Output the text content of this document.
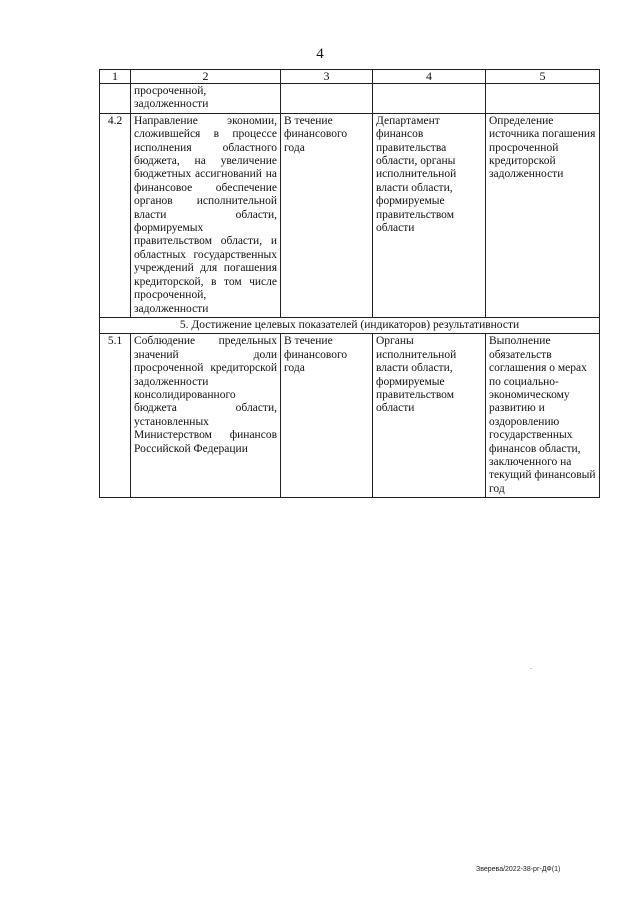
4
1	2	3	4	5
	просроченной, задолженности			
4.2	Направление экономии, сложившейся в процессе исполнения областного бюджета, на увеличение бюджетных ассигнований на финансовое обеспечение органов исполнительной власти области, формируемых правительством области, и областных государственных учреждений для погашения кредиторской, в том числе просроченной, задолженности	В течение финансового года	Департамент финансов правительства области, органы исполнительной власти области, формируемые правительством области	Определение источника погашения просроченной кредиторской задолженности
5. Достижение целевых показателей (индикаторов) результативности				
5.1	Соблюдение предельных значений доли просроченной кредиторской задолженности консолидированного бюджета области, установленных Министерством финансов Российской Федерации	В течение финансового года	Органы исполнительной власти области, формируемые правительством области	Выполнение обязательств соглашения о мерах по социально-экономическому развитию и оздоровлению государственных финансов области, заключенного на текущий финансовый год
Зверева/2022-38-рг-ДФ(1)
